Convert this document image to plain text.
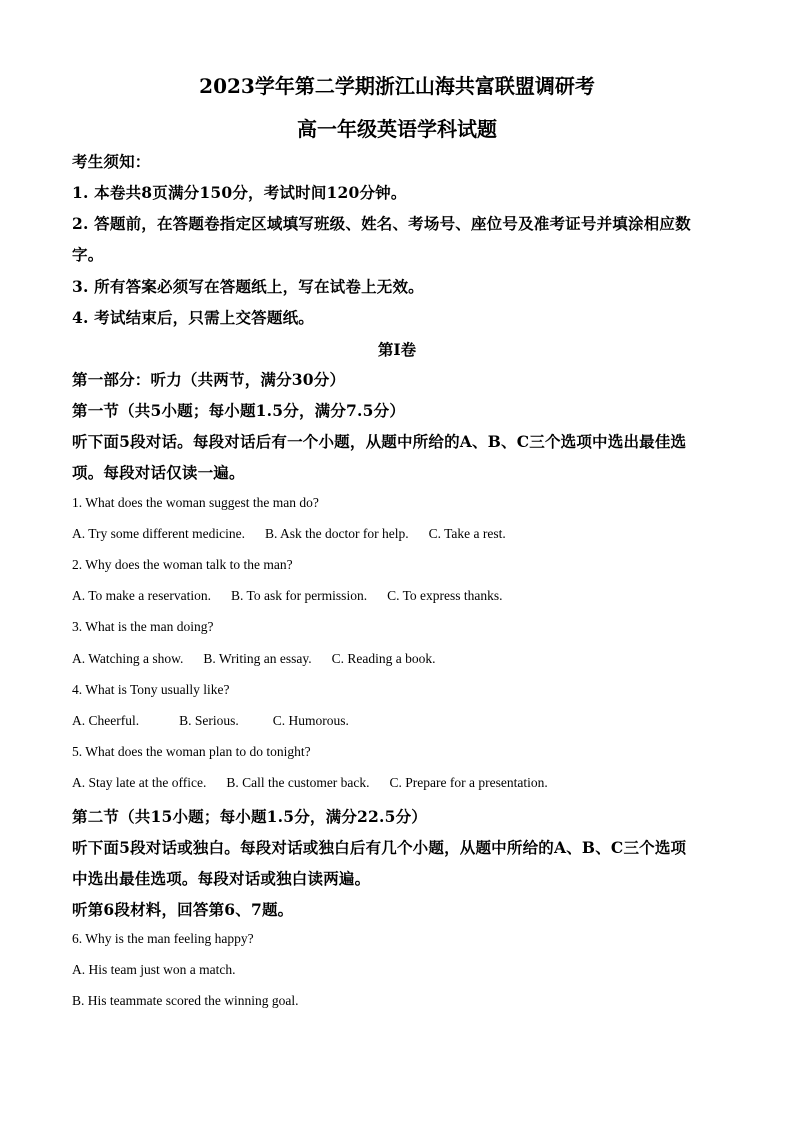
2023学年第二学期浙江山海共富联盟调研考
高一年级英语学科试题
考生须知：
1. 本卷共8页满分150分，考试时间120分钟。
2. 答题前，在答题卷指定区域填写班级、姓名、考场号、座位号及准考证号并填涂相应数
字。
3. 所有答案必须写在答题纸上，写在试卷上无效。
4. 考试结束后，只需上交答题纸。
第Ⅰ卷
第一部分：听力（共两节，满分30分）
第一节（共5小题；每小题1.5分，满分7.5分）
听下面5段对话。每段对话后有一个小题，从题中所给的A、B、C三个选项中选出最佳选
项。每段对话仅读一遍。
1. What does the woman suggest the man do?
A. Try some different medicine. B. Ask the doctor for help. C. Take a rest.
2. Why does the woman talk to the man?
A. To make a reservation. B. To ask for permission. C. To express thanks.
3. What is the man doing?
A. Watching a show. B. Writing an essay. C. Reading a book.
4. What is Tony usually like?
A. Cheerful.	B. Serious.	C. Humorous.
5. What does the woman plan to do tonight?
A. Stay late at the office. B. Call the customer back. C. Prepare for a presentation.
第二节（共15小题；每小题1.5分，满分22.5分）
听下面5段对话或独白。每段对话或独白后有几个小题，从题中所给的A、B、C三个选项
中选出最佳选项。每段对话或独白读两遍。
听第6段材料，回答第6、7题。
6. Why is the man feeling happy?
A. His team just won a match.
B. His teammate scored the winning goal.
